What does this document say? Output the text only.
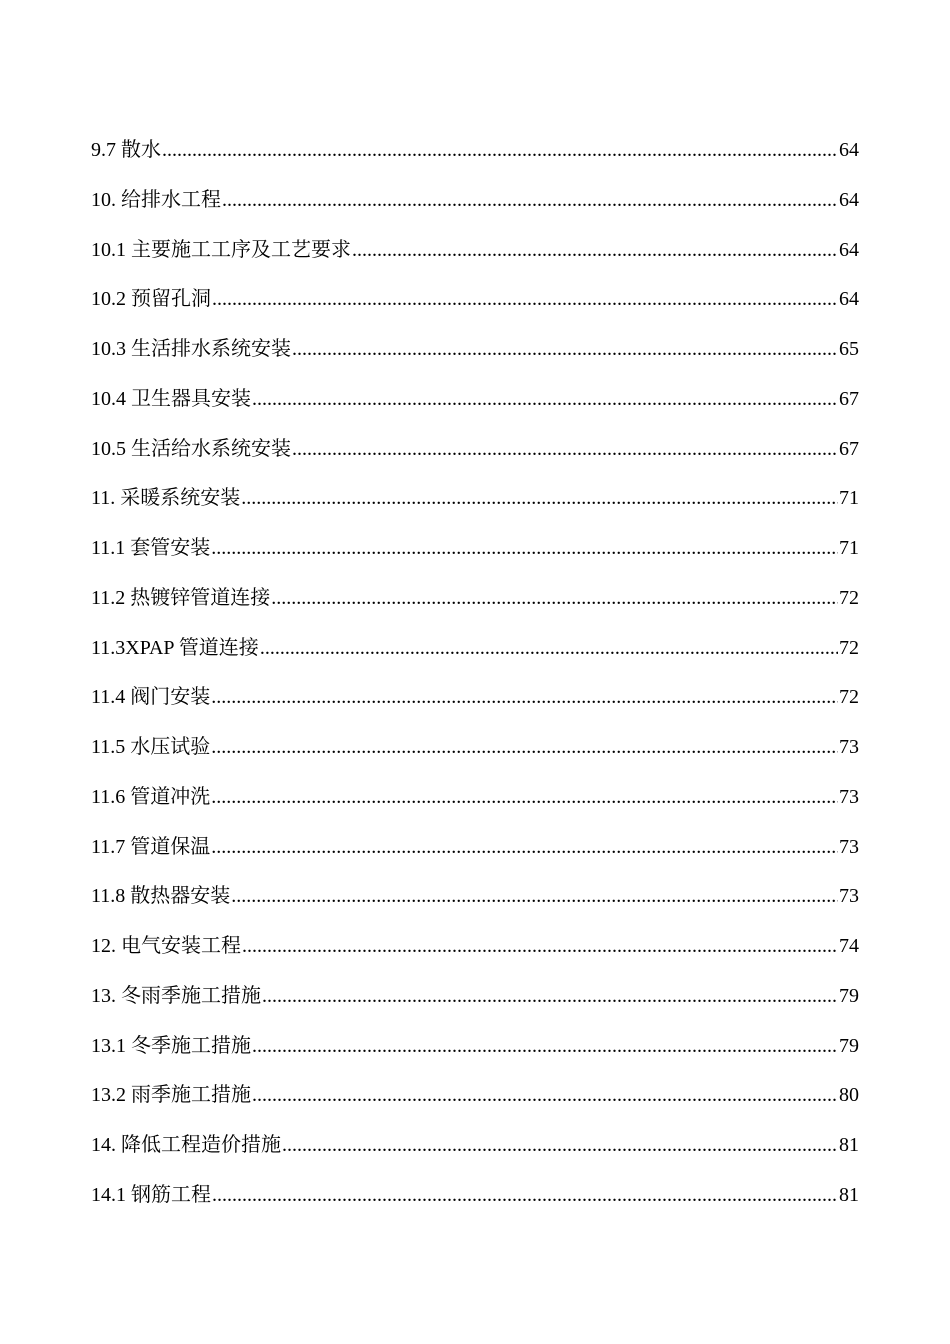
9.7 散水 .....	64
10. 给排水工程 .....	64
10.1 主要施工工序及工艺要求 .....	64
10.2 预留孔洞 .....	64
10.3 生活排水系统安装 .....	65
10.4 卫生器具安装 .....	67
10.5 生活给水系统安装 .....	67
11. 采暖系统安装 .....	71
11.1 套管安装 .....	71
11.2 热镀锌管道连接 .....	72
11.3XPAP 管道连接 .....	72
11.4 阀门安装 .....	72
11.5 水压试验 .....	73
11.6 管道冲洗 .....	73
11.7 管道保温 .....	73
11.8 散热器安装 .....	73
12. 电气安装工程 .....	74
13. 冬雨季施工措施 .....	79
13.1 冬季施工措施 .....	79
13.2 雨季施工措施 .....	80
14. 降低工程造价措施 .....	81
14.1 钢筋工程 .....	81
